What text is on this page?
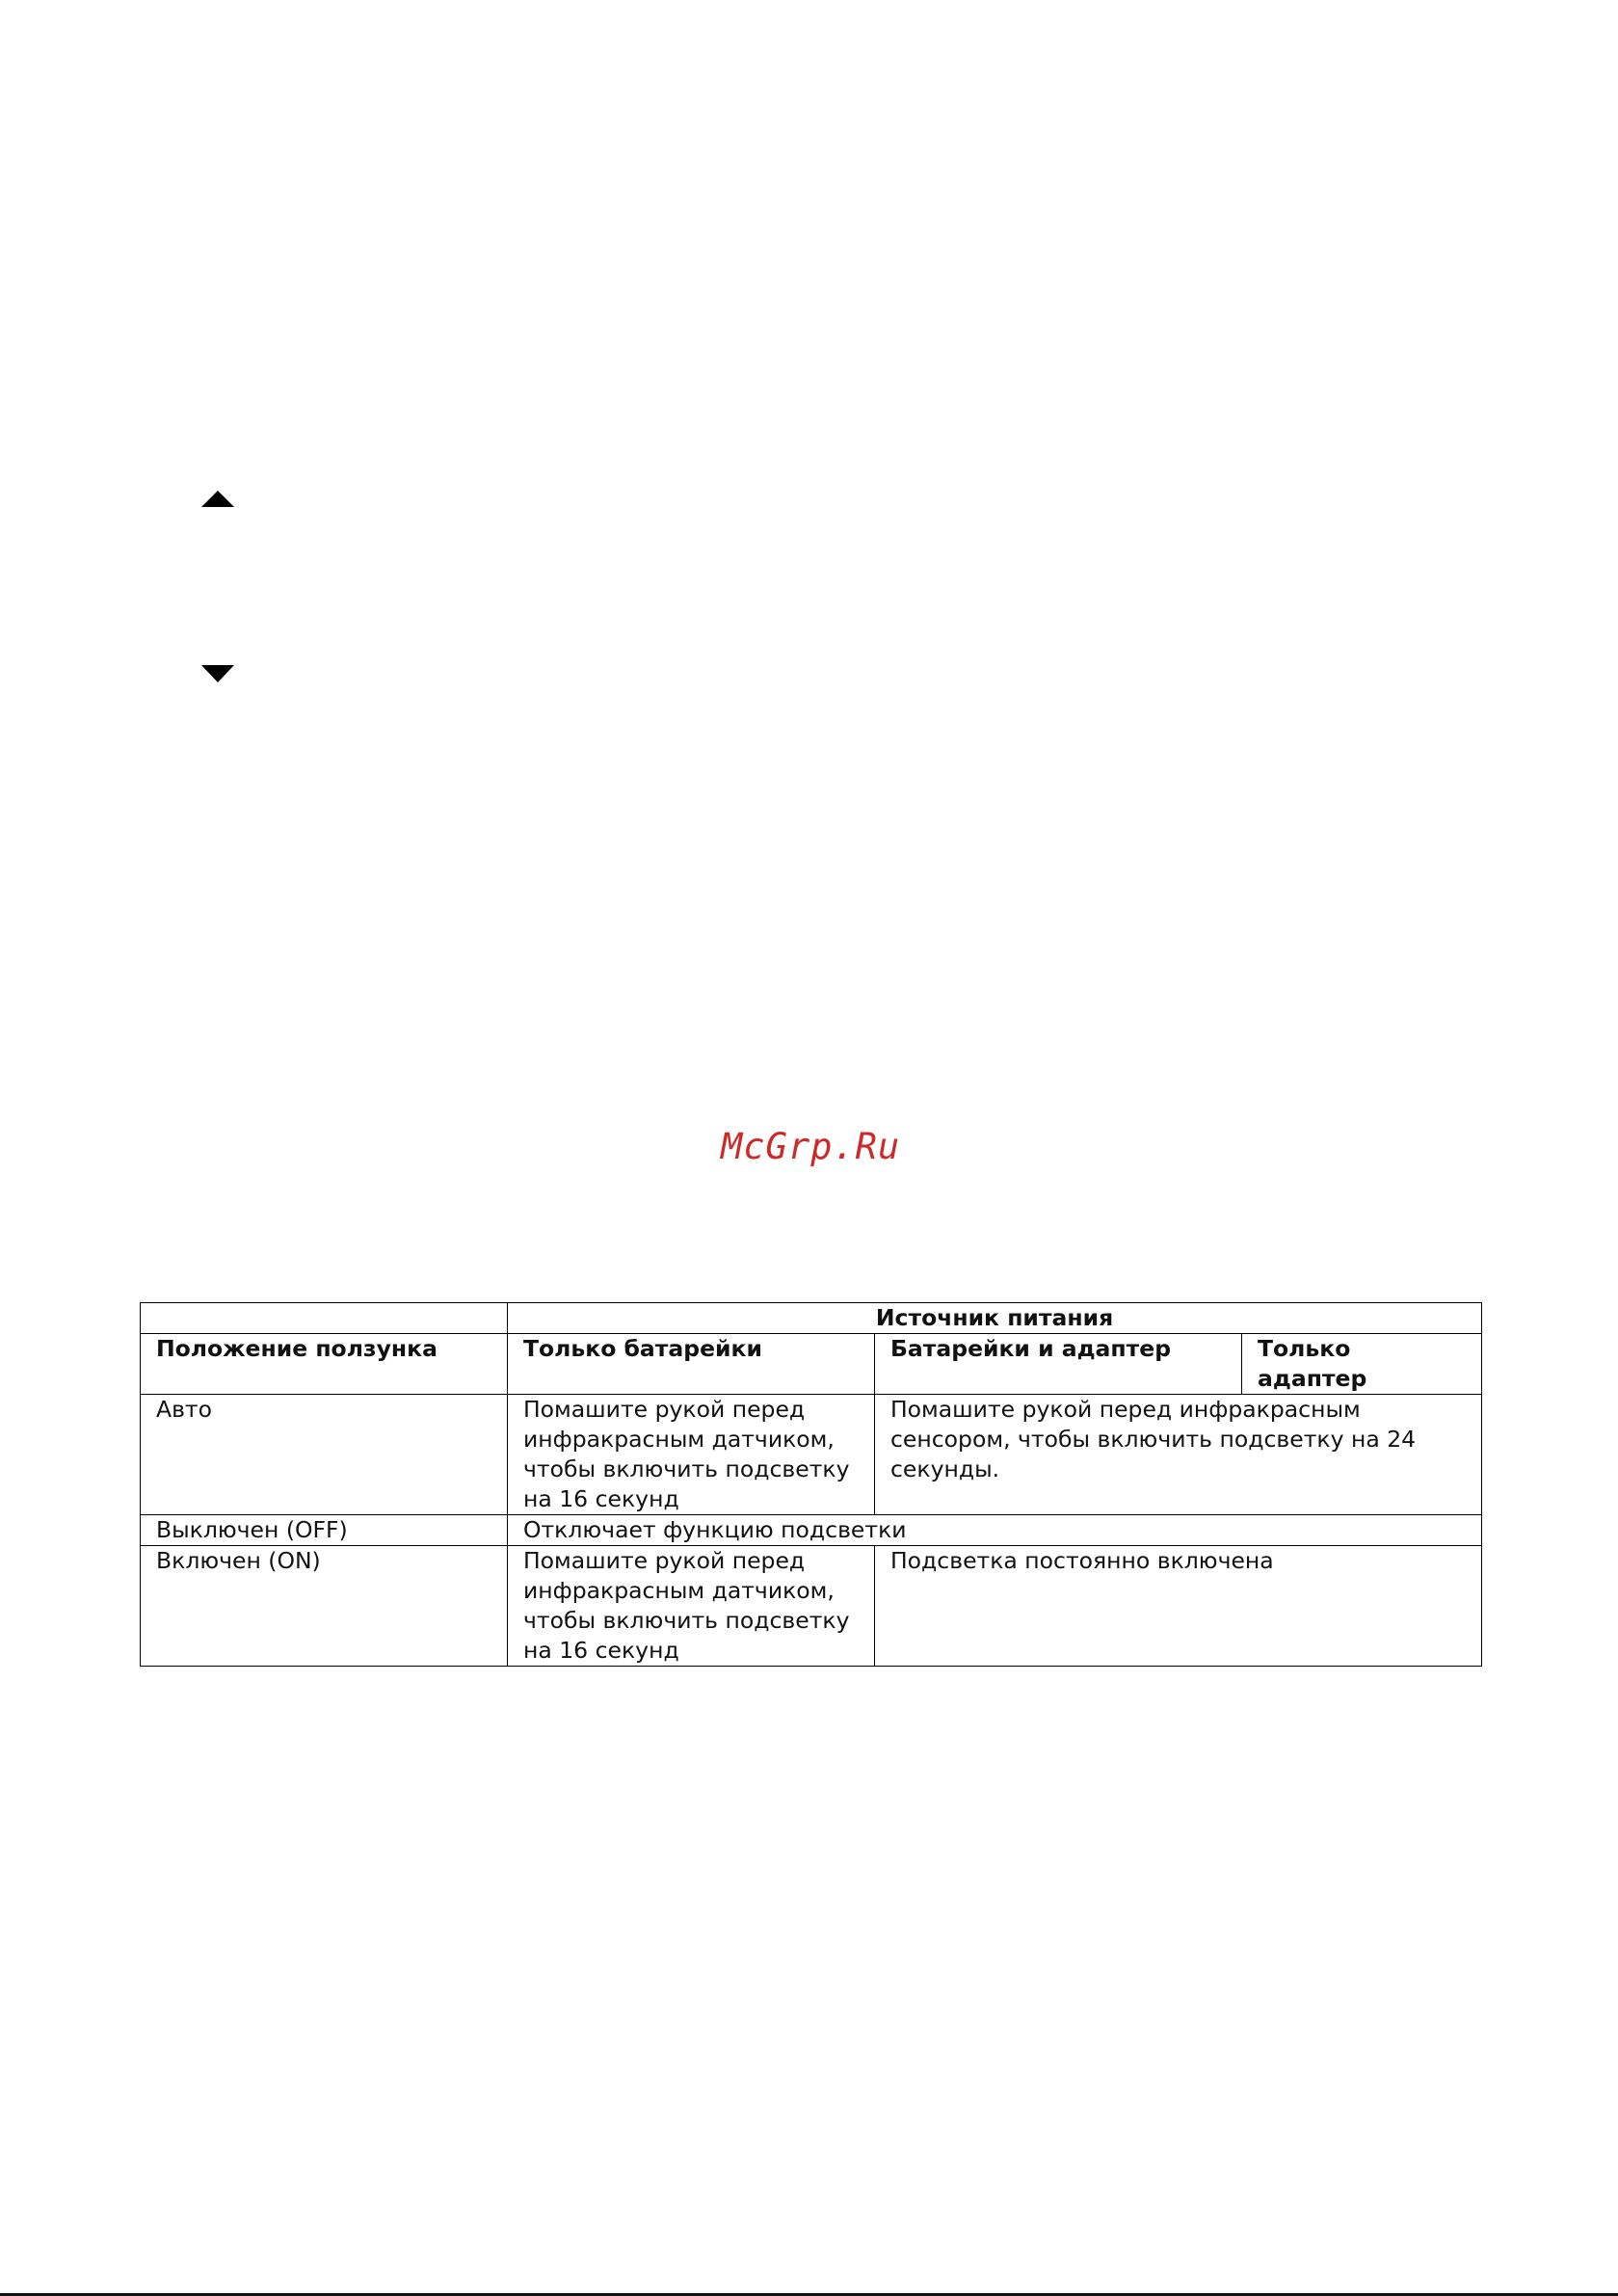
McGrp.Ru
	Источник питания		
Положение ползунка	Только батарейки	Батарейки и адаптер	Только адаптер
Авто	Помашите рукой перед
инфракрасным датчиком,
чтобы включить подсветку
на 16 секунд	Помашите рукой перед инфракрасным
сенсором, чтобы включить подсветку на 24
секунды.	
Выключен (OFF)	Отключает функцию подсветки		
Включен (ON)	Помашите рукой перед
инфракрасным датчиком,
чтобы включить подсветку
на 16 секунд	Подсветка постоянно включена	
